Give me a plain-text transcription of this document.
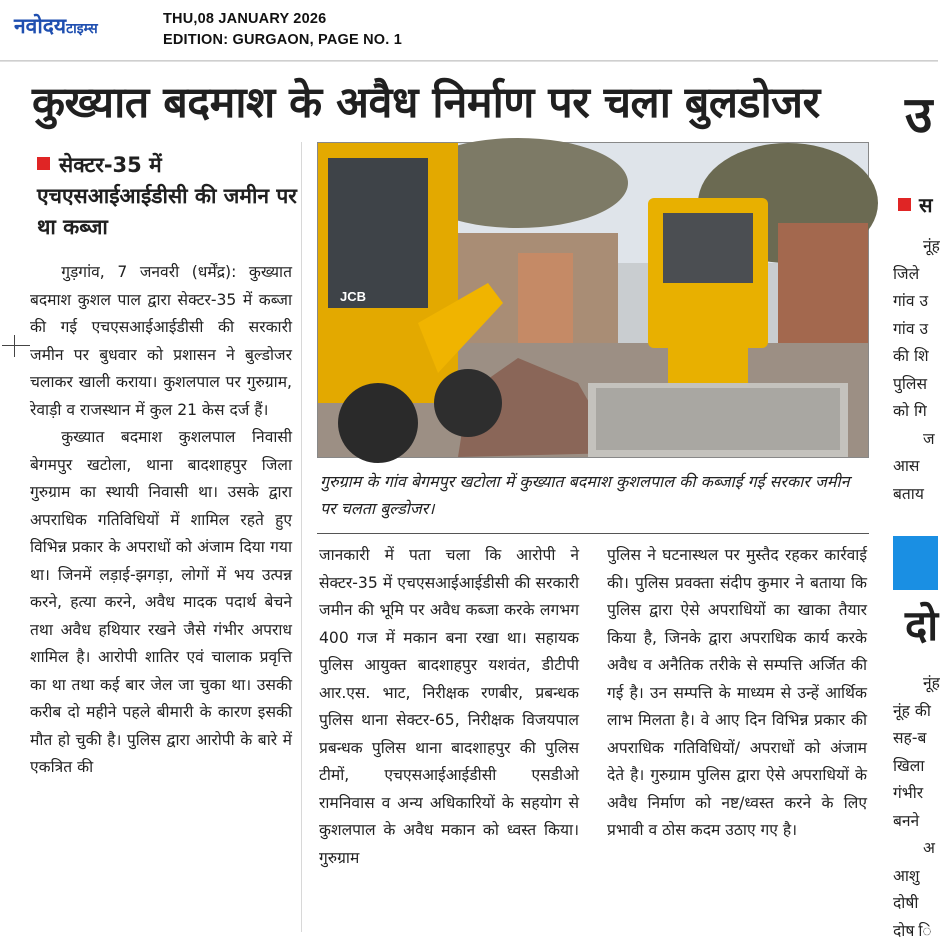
नवोदयटाइम्स
THU,08 JANUARY 2026
EDITION: GURGAON, PAGE NO. 1
कुख्यात बदमाश के अवैध निर्माण पर चला बुलडोजर
सेक्टर-35 में एचएसआईआईडीसी की जमीन पर था कब्जा

गुड़गांव, 7 जनवरी (धर्मेंद्र): कुख्यात बदमाश कुशल पाल द्वारा सेक्टर-35 में कब्जा की गई एचएसआईआईडीसी की सरकारी जमीन पर बुधवार को प्रशासन ने बुल्डोजर चलाकर खाली कराया। कुशलपाल पर गुरुग्राम, रेवाड़ी व राजस्थान में कुल 21 केस दर्ज हैं।

कुख्यात बदमाश कुशलपाल निवासी बेगमपुर खटोला, थाना बादशाहपुर जिला गुरुग्राम का स्थायी निवासी था। उसके द्वारा अपराधिक गतिविधियों में शामिल रहते हुए विभिन्न प्रकार के अपराधों को अंजाम दिया गया था। जिनमें लड़ाई-झगड़ा, लोगों में भय उत्पन्न करने, हत्या करने, अवैध मादक पदार्थ बेचने तथा अवैध हथियार रखने जैसे गंभीर अपराध शामिल है। आरोपी शातिर एवं चालाक प्रवृत्ति का था तथा कई बार जेल जा चुका था। उसकी करीब दो महीने पहले बीमारी के कारण इसकी मौत हो चुकी है। पुलिस द्वारा आरोपी के बारे में एकत्रित की

JCB
गुरुग्राम के गांव बेगमपुर खटोला में कुख्यात बदमाश कुशलपाल की कब्जाई गई सरकार जमीन पर चलता बुल्डोजर।

जानकारी में पता चला कि आरोपी ने सेक्टर-35 में एचएसआईआईडीसी की सरकारी जमीन की भूमि पर अवैध कब्जा करके लगभग 400 गज में मकान बना रखा था। सहायक पुलिस आयुक्त बादशाहपुर यशवंत, डीटीपी आर.एस. भाट, निरीक्षक रणबीर, प्रबन्धक पुलिस थाना सेक्टर-65, निरीक्षक विजयपाल प्रबन्धक पुलिस थाना बादशाहपुर की पुलिस टीमों, एचएसआईआईडीसी एसडीओ रामनिवास व अन्य अधिकारियों के सहयोग से कुशलपाल के अवैध मकान को ध्वस्त किया। गुरुग्राम

पुलिस ने घटनास्थल पर मुस्तैद रहकर कार्रवाई की। पुलिस प्रवक्ता संदीप कुमार ने बताया कि पुलिस द्वारा ऐसे अपराधियों का खाका तैयार किया है, जिनके द्वारा अपराधिक कार्य करके अवैध व अनैतिक तरीके से सम्पत्ति अर्जित की गई है। उन सम्पत्ति के माध्यम से उन्हें आर्थिक लाभ मिलता है। वे आए दिन विभिन्न प्रकार की अपराधिक गतिविधियों/ अपराधों को अंजाम देते है। गुरुग्राम पुलिस द्वारा ऐसे अपराधियों के अवैध निर्माण को नष्ट/ध्वस्त करने के लिए प्रभावी व ठोस कदम उठाए गए है।

उ
स

नूंह

जिले

गांव उ

गांव उ

की शि

पुलिस

को गि

ज

आस

बताय

दो

नूंह

नूंह की

सह-ब

खिला

गंभीर

बनने

अ

आशु

दोषी

दोष ि
